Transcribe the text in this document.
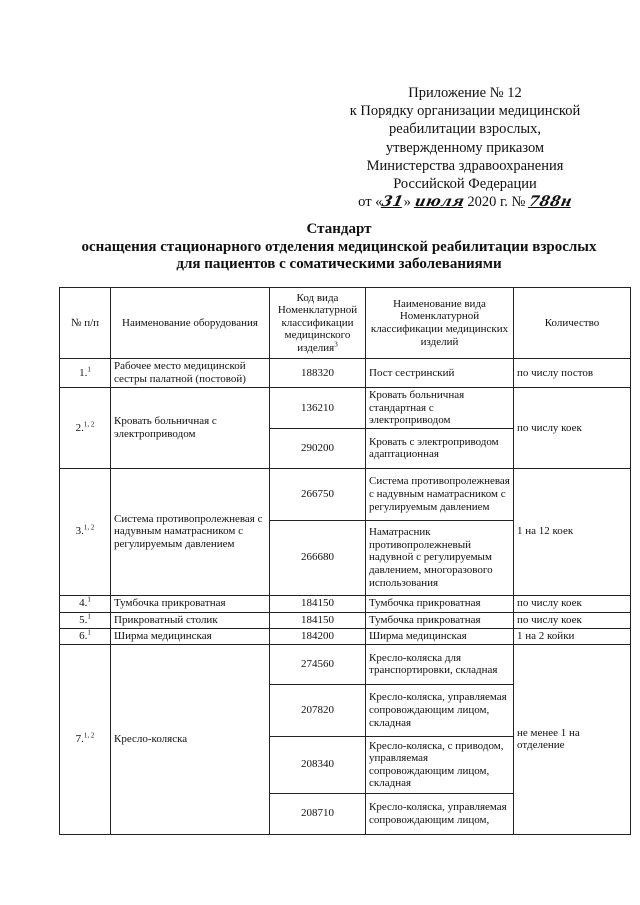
Приложение № 12
к Порядку организации медицинской
реабилитации взрослых,
утвержденному приказом
Министерства здравоохранения
Российской Федерации
от «31» июля 2020 г. № 788н
Стандарт
оснащения стационарного отделения медицинской реабилитации взрослых
для пациентов с соматическими заболеваниями
№ п/п	Наименование оборудования	Код вида Номенклатурной классификации медицинского изделия$^3$	Наименование вида Номенклатурной классификации медицинских изделий	Количество
1.$^1$	Рабочее место медицинской сестры палатной (постовой)	188320	Пост сестринский	по числу постов
2.$^{1, 2}$	Кровать больничная с электроприводом	136210	Кровать больничная стандартная с электроприводом	по числу коек
		290200	Кровать с электроприводом адаптационная	
3.$^{1, 2}$	Система противопролежневая с надувным наматрасником с регулируемым давлением	266750	Система противопролежневая с надувным наматрасником с регулируемым давлением	1 на 12 коек
		266680	Наматрасник противопролежневый надувной с регулируемым давлением, многоразового использования	
4.$^1$	Тумбочка прикроватная	184150	Тумбочка прикроватная	по числу коек
5.$^1$	Прикроватный столик	184150	Тумбочка прикроватная	по числу коек
6.$^1$	Ширма медицинская	184200	Ширма медицинская	1 на 2 койки
7.$^{1, 2}$	Кресло-коляска	274560	Кресло-коляска для транспортировки, складная	не менее 1 на отделение
		207820	Кресло-коляска, управляемая сопровождающим лицом, складная	
		208340	Кресло-коляска, с приводом, управляемая сопровождающим лицом, складная	
		208710	Кресло-коляска, управляемая сопровождающим лицом,	
